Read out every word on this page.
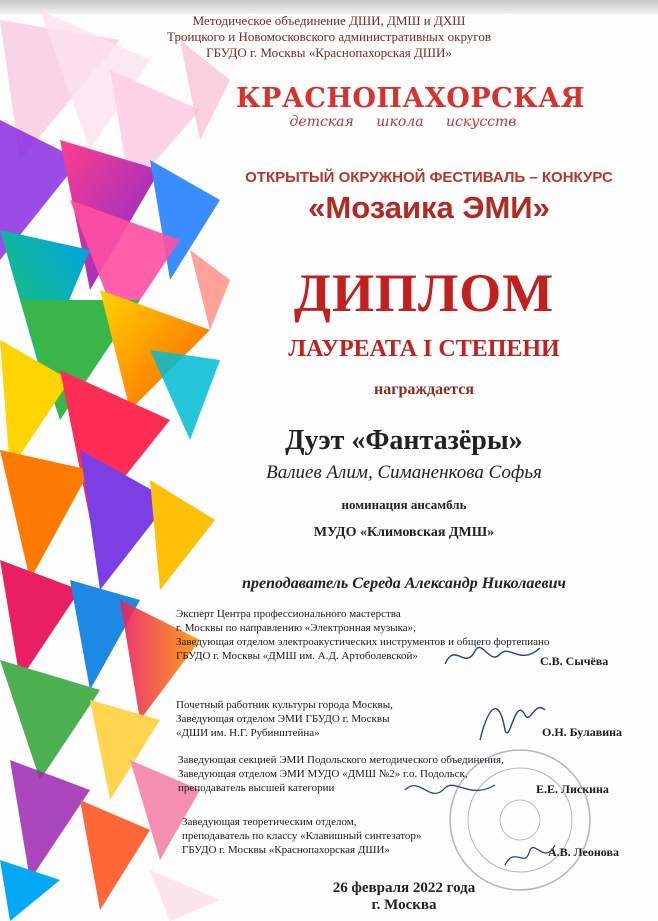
Методическое объединение ДШИ, ДМШ и ДХШ
Троицкого и Новомосковского административных округов
ГБУДО г. Москвы «Краснопахорская ДШИ»
КРАСНОПАХОРСКАЯ
детская школа искусств
ОТКРЫТЫЙ ОКРУЖНОЙ ФЕСТИВАЛЬ – КОНКУРС
«Мозаика ЭМИ»
ДИПЛОМ
ЛАУРЕАТА I СТЕПЕНИ
награждается
Дуэт «Фантазёры»
Валиев Алим, Симаненкова Софья
номинация ансамбль
МУДО «Климовская ДМШ»
преподаватель Середа Александр Николаевич
Эксперт Центра профессионального мастерства
г. Москвы по направлению «Электронная музыка»,
Заведующая отделом электроакустических инструментов и общего фортепиано
ГБУДО г. Москвы «ДМШ им. А.Д. Артоболевской»	С.В. Сычёва
Почетный работник культуры города Москвы,
Заведующая отделом ЭМИ ГБУДО г. Москвы
«ДШИ им. Н.Г. Рубинштейна»	О.Н. Булавина
Заведующая секцией ЭМИ Подольского методического объединения,
Заведующая отделом ЭМИ МУДО «ДМШ №2» г.о. Подольск,
преподаватель высшей категории	Е.Е. Лискина
Заведующая теоретическим отделом,
преподаватель по классу «Клавишный синтезатор»
ГБУДО г. Москвы «Краснопахорская ДШИ»	А.В. Леонова
26 февраля 2022 года
г. Москва
